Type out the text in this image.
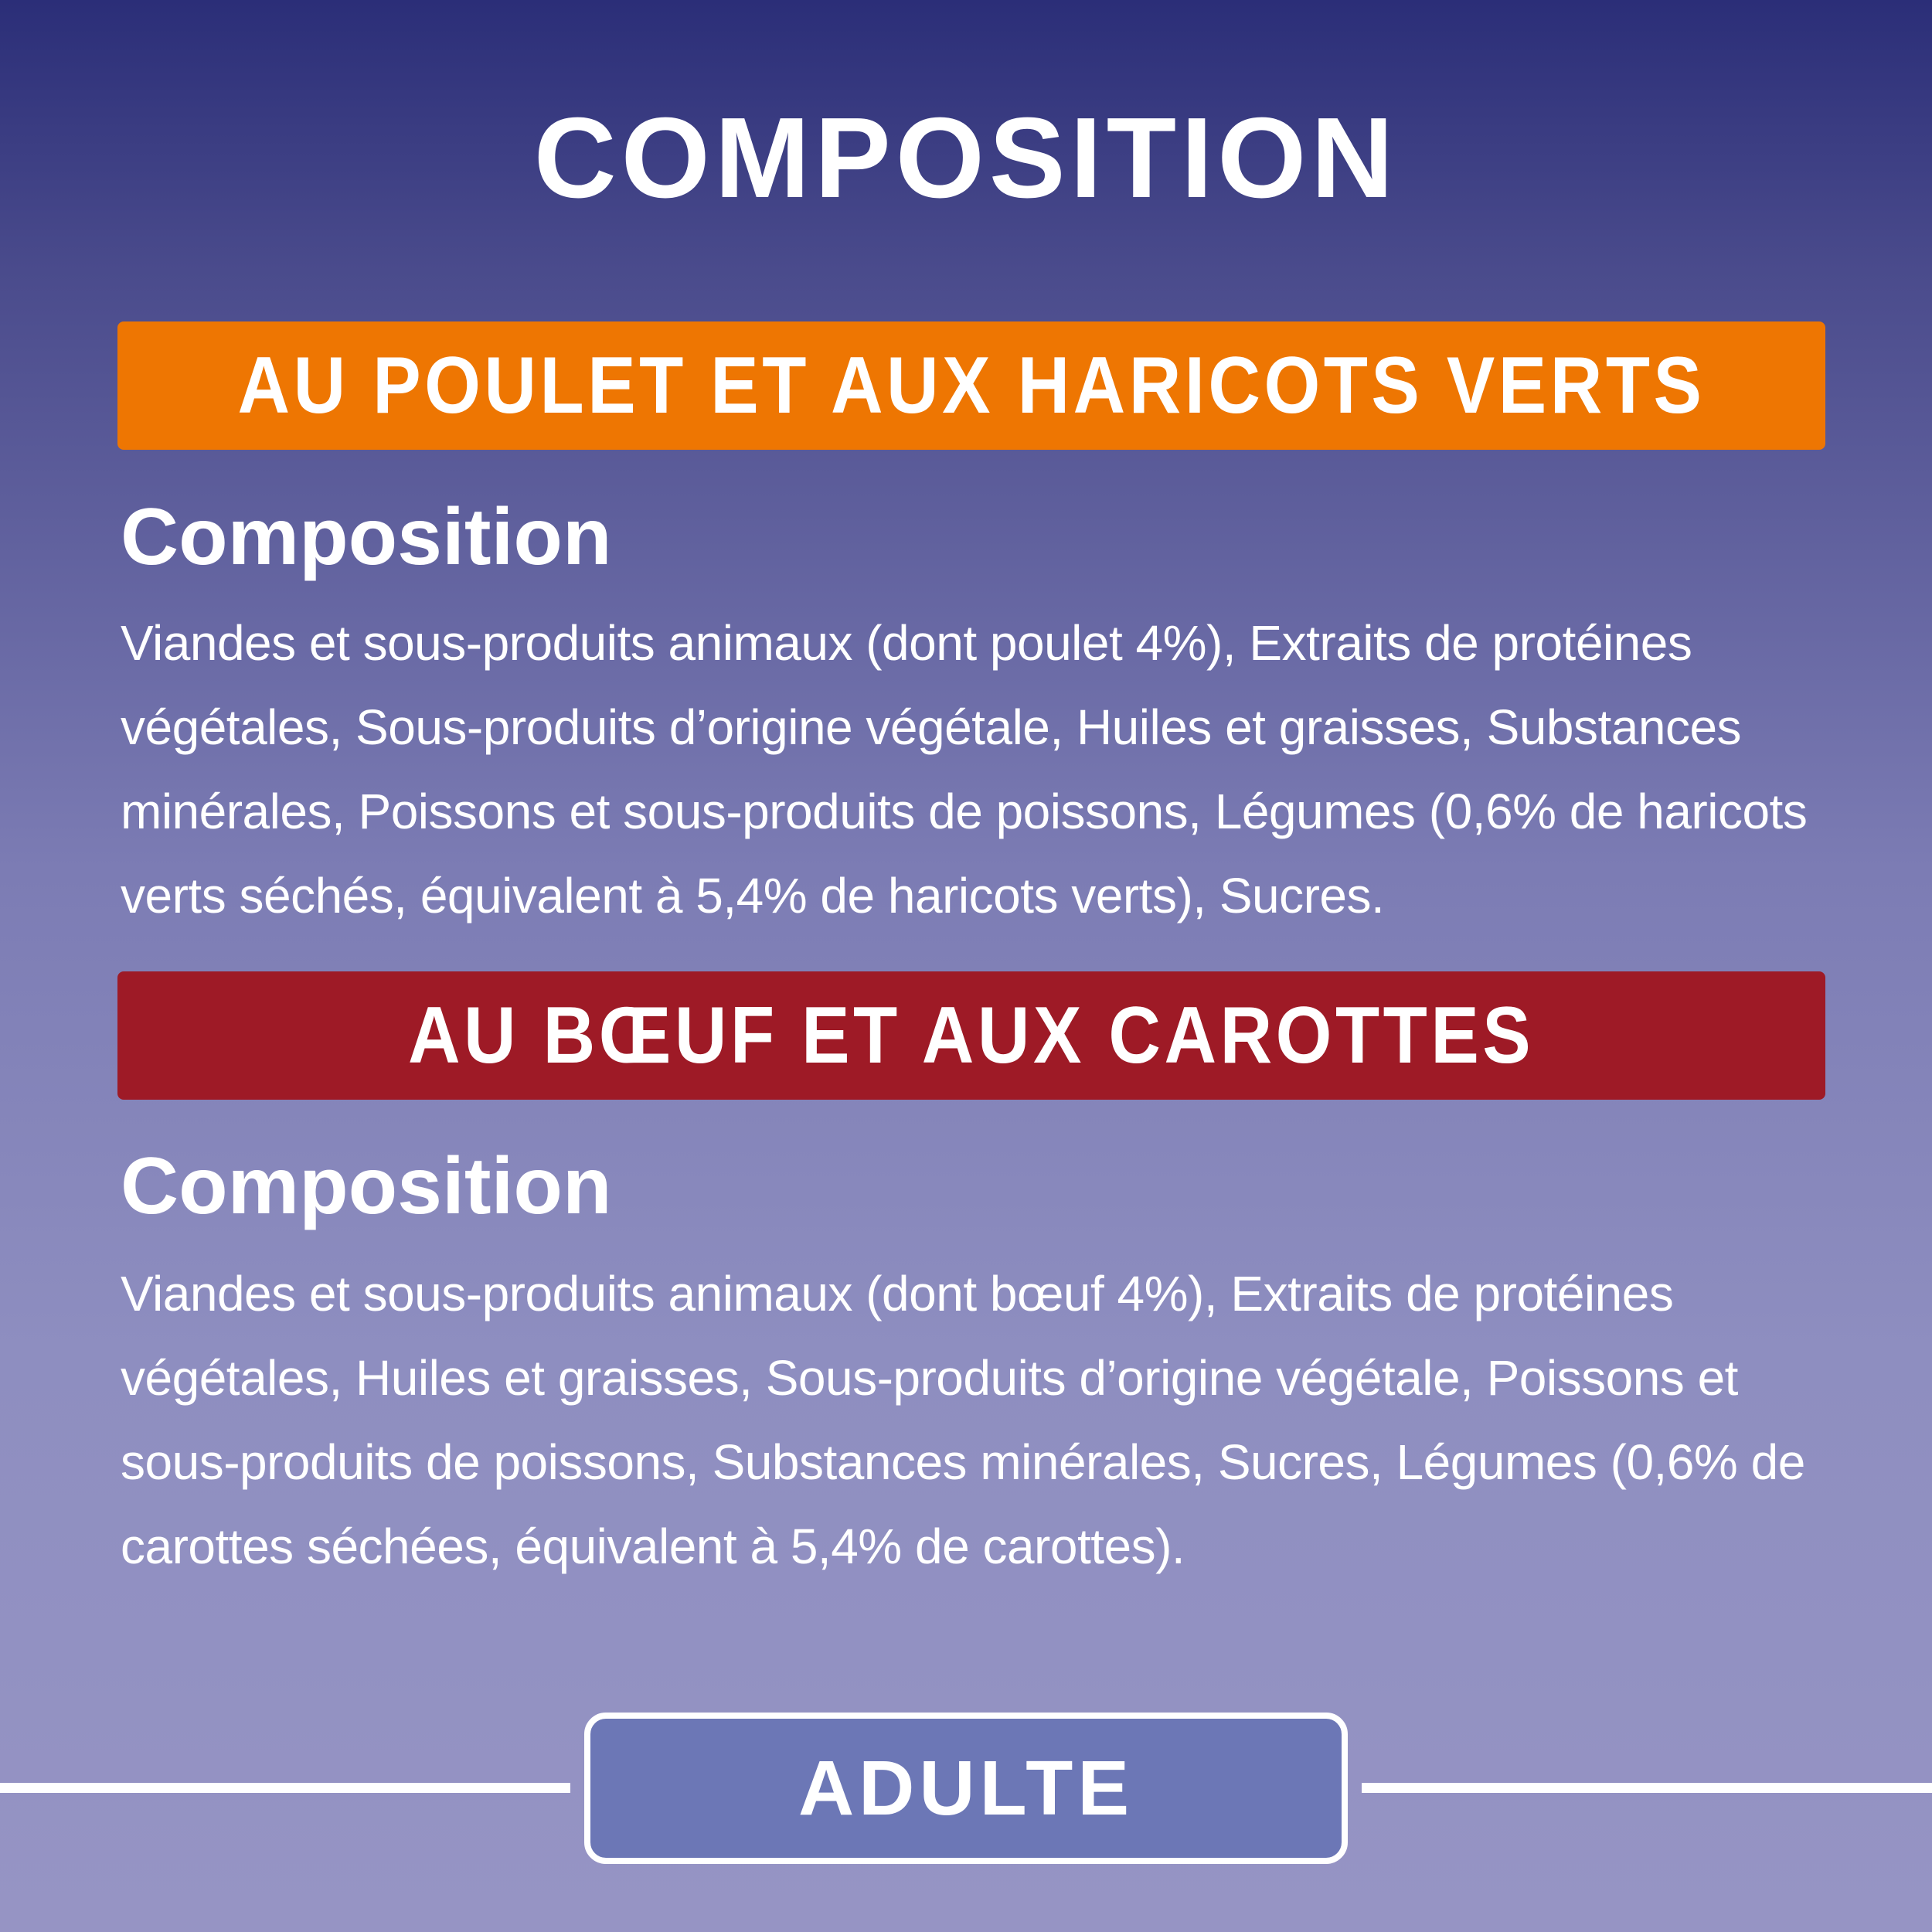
COMPOSITION
AU POULET ET AUX HARICOTS VERTS
Composition
Viandes et sous-produits animaux (dont poulet 4%), Extraits de protéines végétales, Sous-produits d’origine végétale, Huiles et graisses, Substances minérales, Poissons et sous-produits de poissons, Légumes (0,6% de haricots verts séchés, équivalent à 5,4% de haricots verts), Sucres.
AU BŒUF ET AUX CAROTTES
Composition
Viandes et sous-produits animaux (dont bœuf 4%), Extraits de protéines végétales, Huiles et graisses, Sous-produits d’origine végétale, Poissons et sous-produits de poissons, Substances minérales, Sucres, Légumes (0,6% de carottes séchées, équivalent à 5,4% de carottes).
ADULTE
